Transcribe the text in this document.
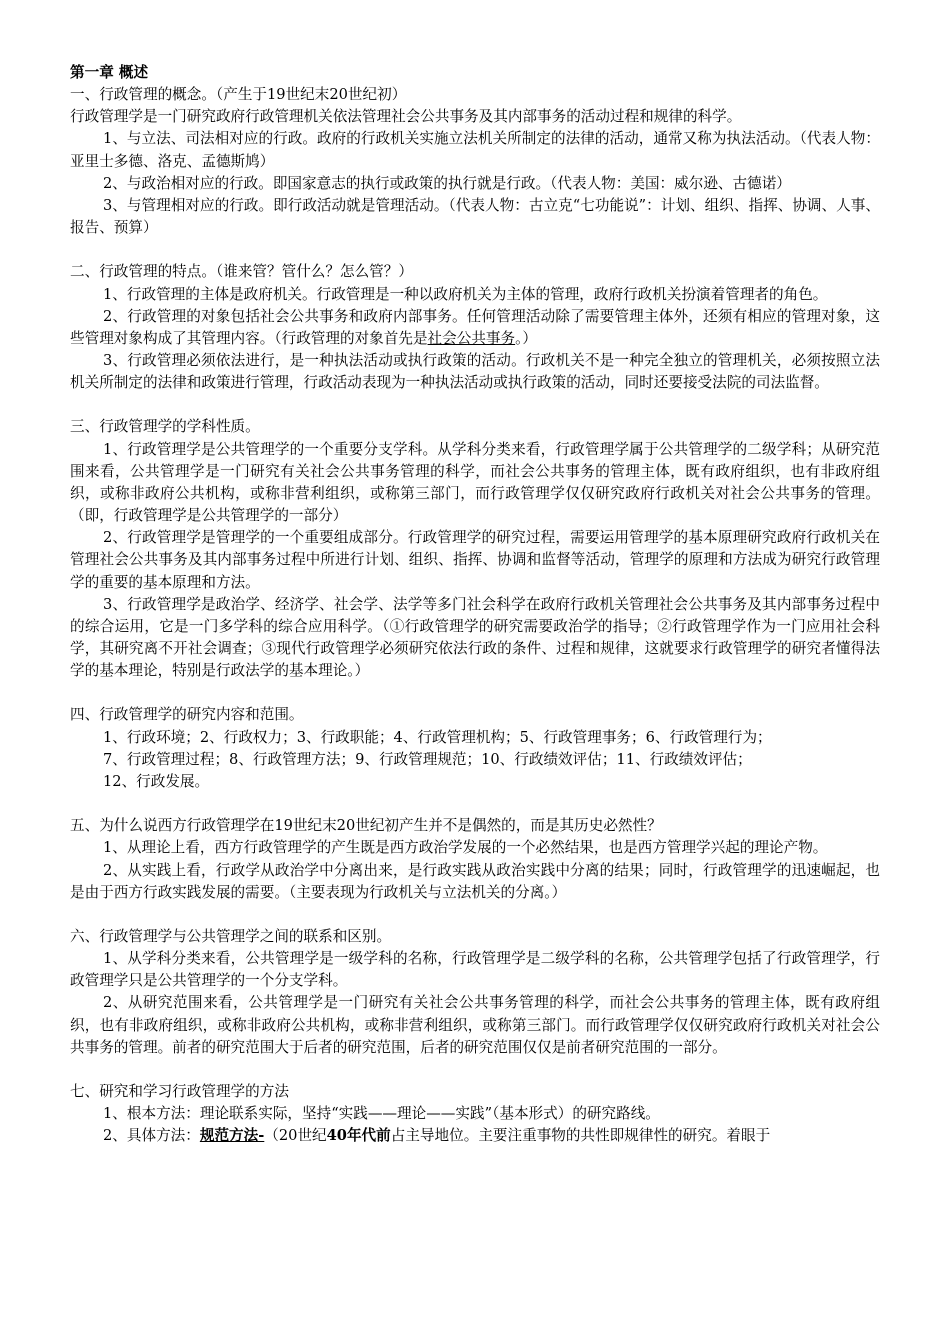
第一章 概述

一、行政管理的概念。（产生于19世纪末20世纪初）

行政管理学是一门研究政府行政管理机关依法管理社会公共事务及其内部事务的活动过程和规律的科学。

1、与立法、司法相对应的行政。政府的行政机关实施立法机关所制定的法律的活动，通常又称为执法活动。（代表人物：亚里士多德、洛克、孟德斯鸠）

2、与政治相对应的行政。即国家意志的执行或政策的执行就是行政。（代表人物：美国：威尔逊、古德诺）

3、与管理相对应的行政。即行政活动就是管理活动。（代表人物：古立克“七功能说”：计划、组织、指挥、协调、人事、报告、预算）

二、行政管理的特点。（谁来管？管什么？怎么管？）

1、行政管理的主体是政府机关。行政管理是一种以政府机关为主体的管理，政府行政机关扮演着管理者的角色。

2、行政管理的对象包括社会公共事务和政府内部事务。任何管理活动除了需要管理主体外，还须有相应的管理对象，这些管理对象构成了其管理内容。（行政管理的对象首先是社会公共事务。）

3、行政管理必须依法进行，是一种执法活动或执行政策的活动。行政机关不是一种完全独立的管理机关，必须按照立法机关所制定的法律和政策进行管理，行政活动表现为一种执法活动或执行政策的活动，同时还要接受法院的司法监督。

三、行政管理学的学科性质。

1、行政管理学是公共管理学的一个重要分支学科。从学科分类来看，行政管理学属于公共管理学的二级学科；从研究范围来看，公共管理学是一门研究有关社会公共事务管理的科学，而社会公共事务的管理主体，既有政府组织，也有非政府组织，或称非政府公共机构，或称非营利组织，或称第三部门，而行政管理学仅仅研究政府行政机关对社会公共事务的管理。（即，行政管理学是公共管理学的一部分）

2、行政管理学是管理学的一个重要组成部分。行政管理学的研究过程，需要运用管理学的基本原理研究政府行政机关在管理社会公共事务及其内部事务过程中所进行计划、组织、指挥、协调和监督等活动，管理学的原理和方法成为研究行政管理学的重要的基本原理和方法。

3、行政管理学是政治学、经济学、社会学、法学等多门社会科学在政府行政机关管理社会公共事务及其内部事务过程中的综合运用，它是一门多学科的综合应用科学。（①行政管理学的研究需要政治学的指导；②行政管理学作为一门应用社会科学，其研究离不开社会调查；③现代行政管理学必须研究依法行政的条件、过程和规律，这就要求行政管理学的研究者懂得法学的基本理论，特别是行政法学的基本理论。）

四、行政管理学的研究内容和范围。

1、行政环境；2、行政权力；3、行政职能；4、行政管理机构；5、行政管理事务；6、行政管理行为；

7、行政管理过程；8、行政管理方法；9、行政管理规范；10、行政绩效评估；11、行政绩效评估；

12、行政发展。

五、为什么说西方行政管理学在19世纪末20世纪初产生并不是偶然的，而是其历史必然性？

1、从理论上看，西方行政管理学的产生既是西方政治学发展的一个必然结果，也是西方管理学兴起的理论产物。

2、从实践上看，行政学从政治学中分离出来，是行政实践从政治实践中分离的结果；同时，行政管理学的迅速崛起，也是由于西方行政实践发展的需要。（主要表现为行政机关与立法机关的分离。）

六、行政管理学与公共管理学之间的联系和区别。

1、从学科分类来看，公共管理学是一级学科的名称，行政管理学是二级学科的名称，公共管理学包括了行政管理学，行政管理学只是公共管理学的一个分支学科。

2、从研究范围来看，公共管理学是一门研究有关社会公共事务管理的科学，而社会公共事务的管理主体，既有政府组织，也有非政府组织，或称非政府公共机构，或称非营利组织，或称第三部门。而行政管理学仅仅研究政府行政机关对社会公共事务的管理。前者的研究范围大于后者的研究范围，后者的研究范围仅仅是前者研究范围的一部分。

七、研究和学习行政管理学的方法

1、根本方法：理论联系实际，坚持“实践——理论——实践”（基本形式）的研究路线。

2、具体方法：规范方法-（20世纪40年代前占主导地位。主要注重事物的共性即规律性的研究。着眼于
